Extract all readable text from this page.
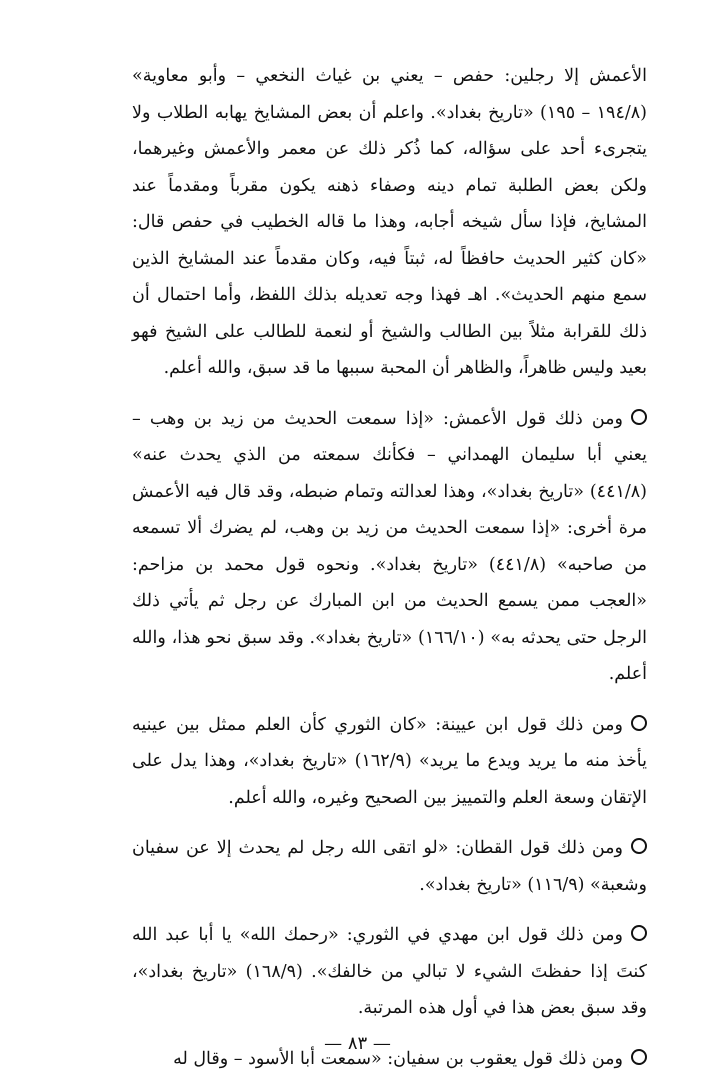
الأعمش إلا رجلين: حفص – يعني بن غياث النخعي – وأبو معاوية» (١٩٤/٨ – ١٩٥) «تاريخ بغداد». واعلم أن بعض المشايخ يهابه الطلاب ولا يتجرىء أحد على سؤاله، كما ذُكر ذلك عن معمر والأعمش وغيرهما، ولكن بعض الطلبة تمام دينه وصفاء ذهنه يكون مقرباً ومقدماً عند المشايخ، فإذا سأل شيخه أجابه، وهذا ما قاله الخطيب في حفص قال: «كان كثير الحديث حافظاً له، ثبتاً فيه، وكان مقدماً عند المشايخ الذين سمع منهم الحديث». اهـ فهذا وجه تعديله بذلك اللفظ، وأما احتمال أن ذلك للقرابة مثلاً بين الطالب والشيخ أو لنعمة للطالب على الشيخ فهو بعيد وليس ظاهراً، والظاهر أن المحبة سببها ما قد سبق، والله أعلم.

ومن ذلك قول الأعمش: «إذا سمعت الحديث من زيد بن وهب – يعني أبا سليمان الهمداني – فكأنك سمعته من الذي يحدث عنه» (٤٤١/٨) «تاريخ بغداد»، وهذا لعدالته وتمام ضبطه، وقد قال فيه الأعمش مرة أخرى: «إذا سمعت الحديث من زيد بن وهب، لم يضرك ألا تسمعه من صاحبه» (٤٤١/٨) «تاريخ بغداد». ونحوه قول محمد بن مزاحم: «العجب ممن يسمع الحديث من ابن المبارك عن رجل ثم يأتي ذلك الرجل حتى يحدثه به» (١٦٦/١٠) «تاريخ بغداد». وقد سبق نحو هذا، والله أعلم.

ومن ذلك قول ابن عيينة: «كان الثوري كأن العلم ممثل بين عينيه يأخذ منه ما يريد ويدع ما يريد» (١٦٢/٩) «تاريخ بغداد»، وهذا يدل على الإتقان وسعة العلم والتمييز بين الصحيح وغيره، والله أعلم.

ومن ذلك قول القطان: «لو اتقى الله رجل لم يحدث إلا عن سفيان وشعبة» (١١٦/٩) «تاريخ بغداد».

ومن ذلك قول ابن مهدي في الثوري: «رحمك الله» يا أبا عبد الله كنتَ إذا حفظتَ الشيء لا تبالي من خالفك». (١٦٨/٩) «تاريخ بغداد»، وقد سبق بعض هذا في أول هذه المرتبة.

ومن ذلك قول يعقوب بن سفيان: «سمعت أبا الأسود – وقال له

— ٨٣ —
